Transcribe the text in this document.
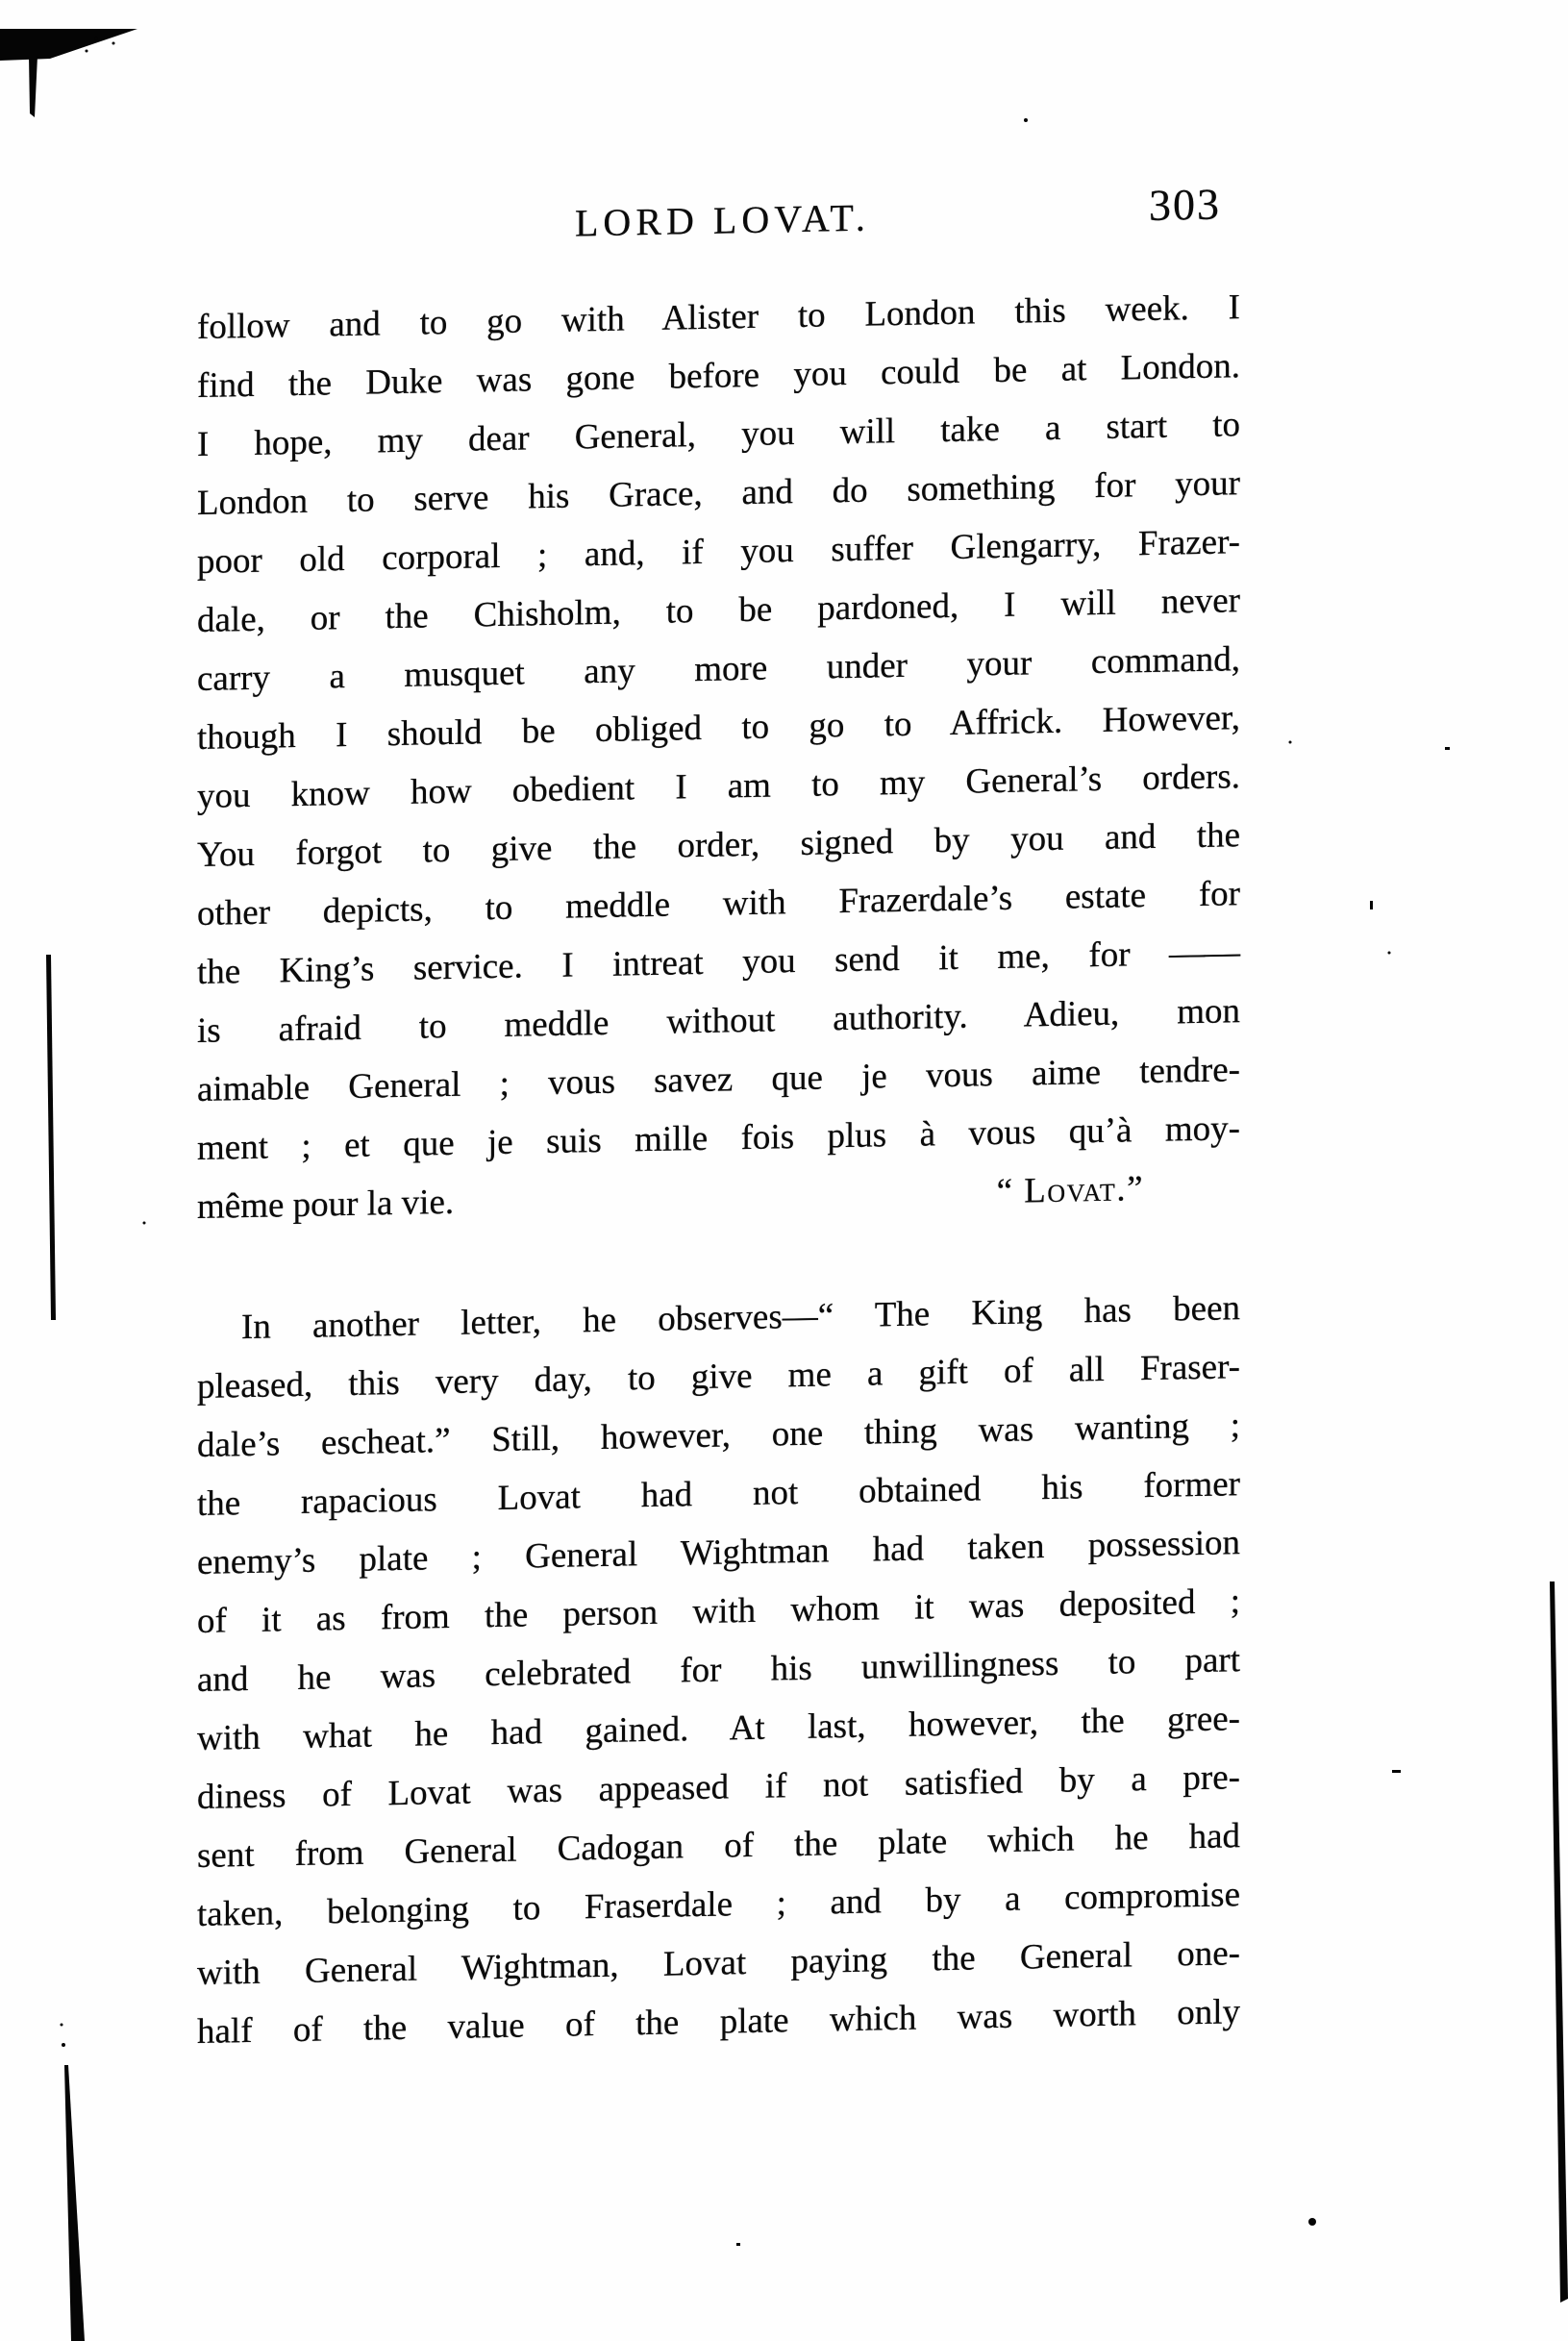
LORD LOVAT.	303
follow and to go with Alister to London this week. I
find the Duke was gone before you could be at London.
I hope, my dear General, you will take a start to
London to serve his Grace, and do something for your
poor old corporal ; and, if you suffer Glengarry, Frazer-
dale, or the Chisholm, to be pardoned, I will never
carry a musquet any more under your command,
though I should be obliged to go to Affrick. However,
you know how obedient I am to my General’s orders.
You forgot to give the order, signed by you and the
other depicts, to meddle with Frazerdale’s estate for
the King’s service. I intreat you send it me, for ——
is afraid to meddle without authority. Adieu, mon
aimable General ; vous savez que je vous aime tendre-
ment ; et que je suis mille fois plus à vous qu’à moy-
même pour la vie.	“ Lovat.”
In another letter, he observes—“ The King has been
pleased, this very day, to give me a gift of all Fraser-
dale’s escheat.” Still, however, one thing was wanting ;
the rapacious Lovat had not obtained his former
enemy’s plate ; General Wightman had taken possession
of it as from the person with whom it was deposited ;
and he was celebrated for his unwillingness to part
with what he had gained. At last, however, the gree-
diness of Lovat was appeased if not satisfied by a pre-
sent from General Cadogan of the plate which he had
taken, belonging to Fraserdale ; and by a compromise
with General Wightman, Lovat paying the General one-
half of the value of the plate which was worth only
